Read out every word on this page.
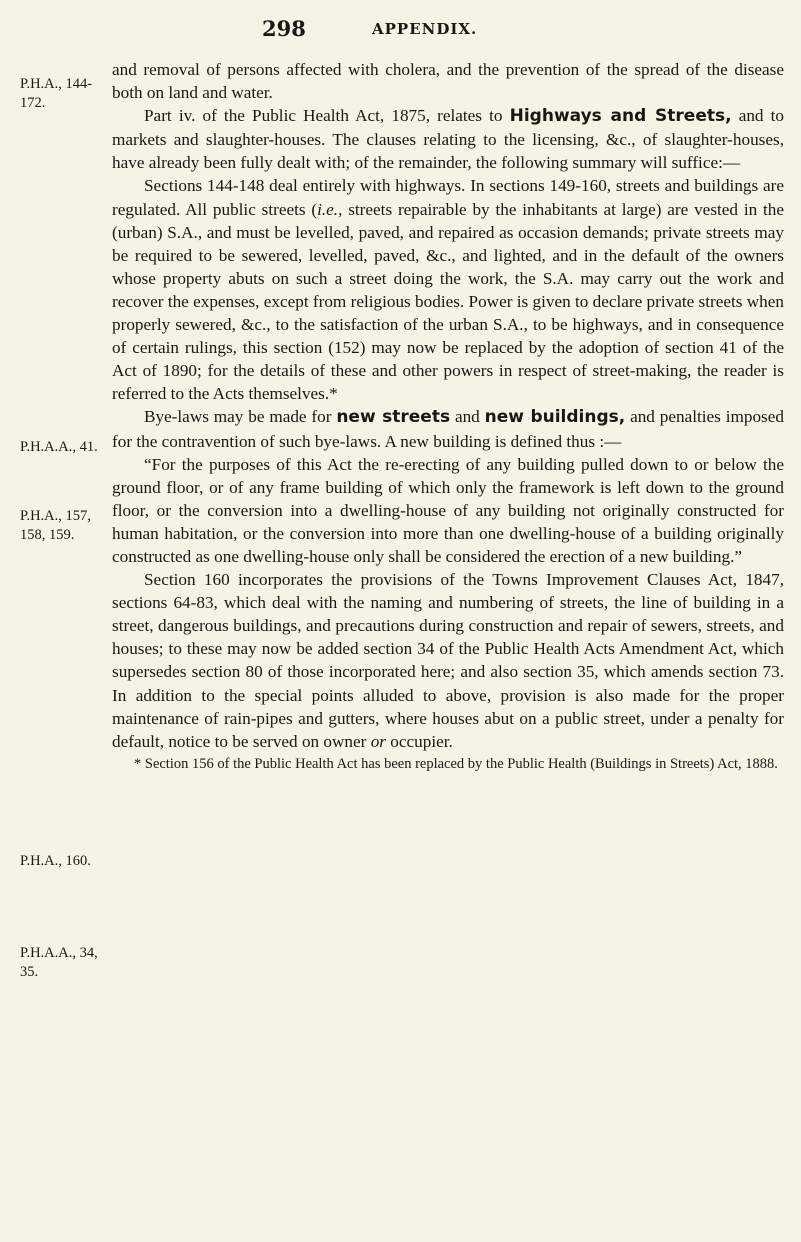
298	APPENDIX.
P.H.A., 144-172.
P.H.A.A., 41.
P.H.A., 157, 158, 159.
P.H.A., 160.
P.H.A.A., 34, 35.

and removal of persons affected with cholera, and the prevention of the spread of the disease both on land and water.

Part iv. of the Public Health Act, 1875, relates to Highways and Streets, and to markets and slaughter-houses. The clauses relating to the licensing, &c., of slaughter-houses, have already been fully dealt with; of the remainder, the following summary will suffice:—

Sections 144-148 deal entirely with highways. In sections 149-160, streets and buildings are regulated. All public streets (i.e., streets repairable by the inhabitants at large) are vested in the (urban) S.A., and must be levelled, paved, and repaired as occasion demands; private streets may be required to be sewered, levelled, paved, &c., and lighted, and in the default of the owners whose property abuts on such a street doing the work, the S.A. may carry out the work and recover the expenses, except from religious bodies. Power is given to declare private streets when properly sewered, &c., to the satisfaction of the urban S.A., to be highways, and in consequence of certain rulings, this section (152) may now be replaced by the adoption of section 41 of the Act of 1890; for the details of these and other powers in respect of street-making, the reader is referred to the Acts themselves.*

Bye-laws may be made for new streets and new buildings, and penalties imposed for the contravention of such bye-laws. A new building is defined thus :—

“For the purposes of this Act the re-erecting of any building pulled down to or below the ground floor, or of any frame building of which only the framework is left down to the ground floor, or the conversion into a dwelling-house of any building not originally constructed for human habitation, or the conversion into more than one dwelling-house of a building originally constructed as one dwelling-house only shall be considered the erection of a new building.”

Section 160 incorporates the provisions of the Towns Improvement Clauses Act, 1847, sections 64-83, which deal with the naming and numbering of streets, the line of building in a street, dangerous buildings, and precautions during construction and repair of sewers, streets, and houses; to these may now be added section 34 of the Public Health Acts Amendment Act, which supersedes section 80 of those incorporated here; and also section 35, which amends section 73. In addition to the special points alluded to above, provision is also made for the proper maintenance of rain-pipes and gutters, where houses abut on a public street, under a penalty for default, notice to be served on owner or occupier.

* Section 156 of the Public Health Act has been replaced by the Public Health (Buildings in Streets) Act, 1888.
